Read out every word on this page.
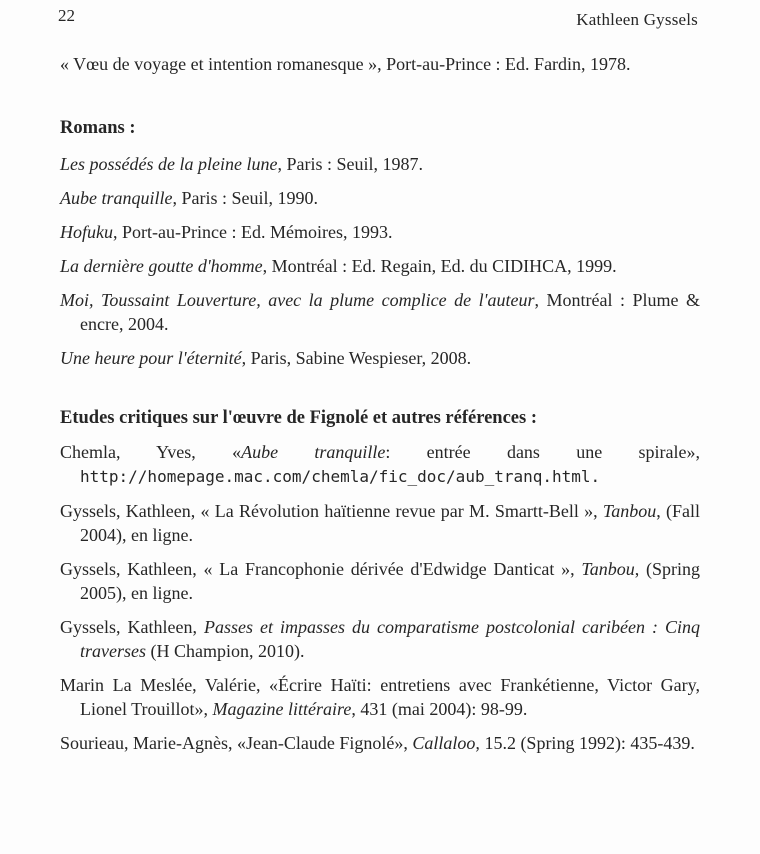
22	Kathleen Gyssels

« Vœu de voyage et intention romanesque », Port-au-Prince : Ed. Fardin, 1978.

Romans :

Les possédés de la pleine lune, Paris : Seuil, 1987.

Aube tranquille, Paris : Seuil, 1990.

Hofuku, Port-au-Prince : Ed. Mémoires, 1993.

La dernière goutte d'homme, Montréal : Ed. Regain, Ed. du CIDIHCA, 1999.

Moi, Toussaint Louverture, avec la plume complice de l'auteur, Montréal : Plume & encre, 2004.

Une heure pour l'éternité, Paris, Sabine Wespieser, 2008.

Etudes critiques sur l'œuvre de Fignolé et autres références :

Chemla, Yves, «Aube tranquille: entrée dans une spirale», http://homepage.mac.com/chemla/fic_doc/aub_tranq.html.

Gyssels, Kathleen, « La Révolution haïtienne revue par M. Smartt-Bell », Tanbou, (Fall 2004), en ligne.

Gyssels, Kathleen, « La Francophonie dérivée d'Edwidge Danticat », Tanbou, (Spring 2005), en ligne.

Gyssels, Kathleen, Passes et impasses du comparatisme postcolonial caribéen : Cinq traverses (H Champion, 2010).

Marin La Meslée, Valérie, «Écrire Haïti: entretiens avec Frankétienne, Victor Gary, Lionel Trouillot», Magazine littéraire, 431 (mai 2004): 98-99.

Sourieau, Marie-Agnès, «Jean-Claude Fignolé», Callaloo, 15.2 (Spring 1992): 435-439.
